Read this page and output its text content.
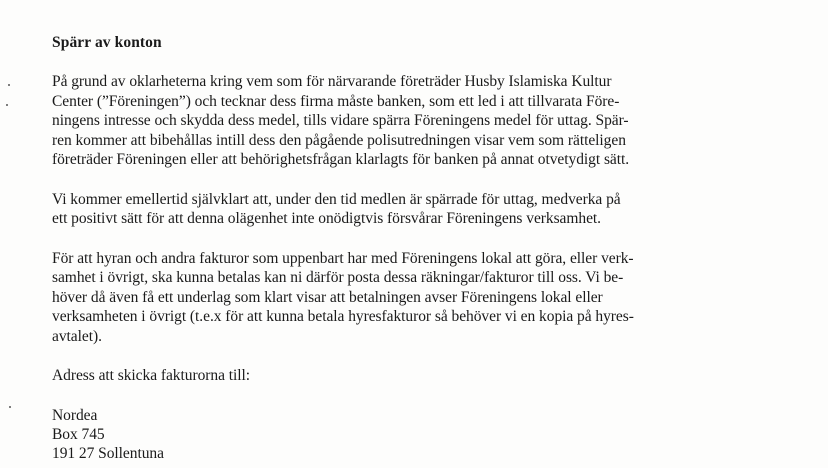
Spärr av konton
På grund av oklarheterna kring vem som för närvarande företräder Husby Islamiska Kultur
Center (”Föreningen”) och tecknar dess firma måste banken, som ett led i att tillvarata Före-
ningens intresse och skydda dess medel, tills vidare spärra Föreningens medel för uttag. Spär-
ren kommer att bibehållas intill dess den pågående polisutredningen visar vem som rätteligen
företräder Föreningen eller att behörighetsfrågan klarlagts för banken på annat otvetydigt sätt.
Vi kommer emellertid självklart att, under den tid medlen är spärrade för uttag, medverka på
ett positivt sätt för att denna olägenhet inte onödigtvis försvårar Föreningens verksamhet.
För att hyran och andra fakturor som uppenbart har med Föreningens lokal att göra, eller verk-
samhet i övrigt, ska kunna betalas kan ni därför posta dessa räkningar/fakturor till oss. Vi be-
höver då även få ett underlag som klart visar att betalningen avser Föreningens lokal eller
verksamheten i övrigt (t.e.x för att kunna betala hyresfakturor så behöver vi en kopia på hyres-
avtalet).
Adress att skicka fakturorna till:
Nordea
Box 745
191 27 Sollentuna
